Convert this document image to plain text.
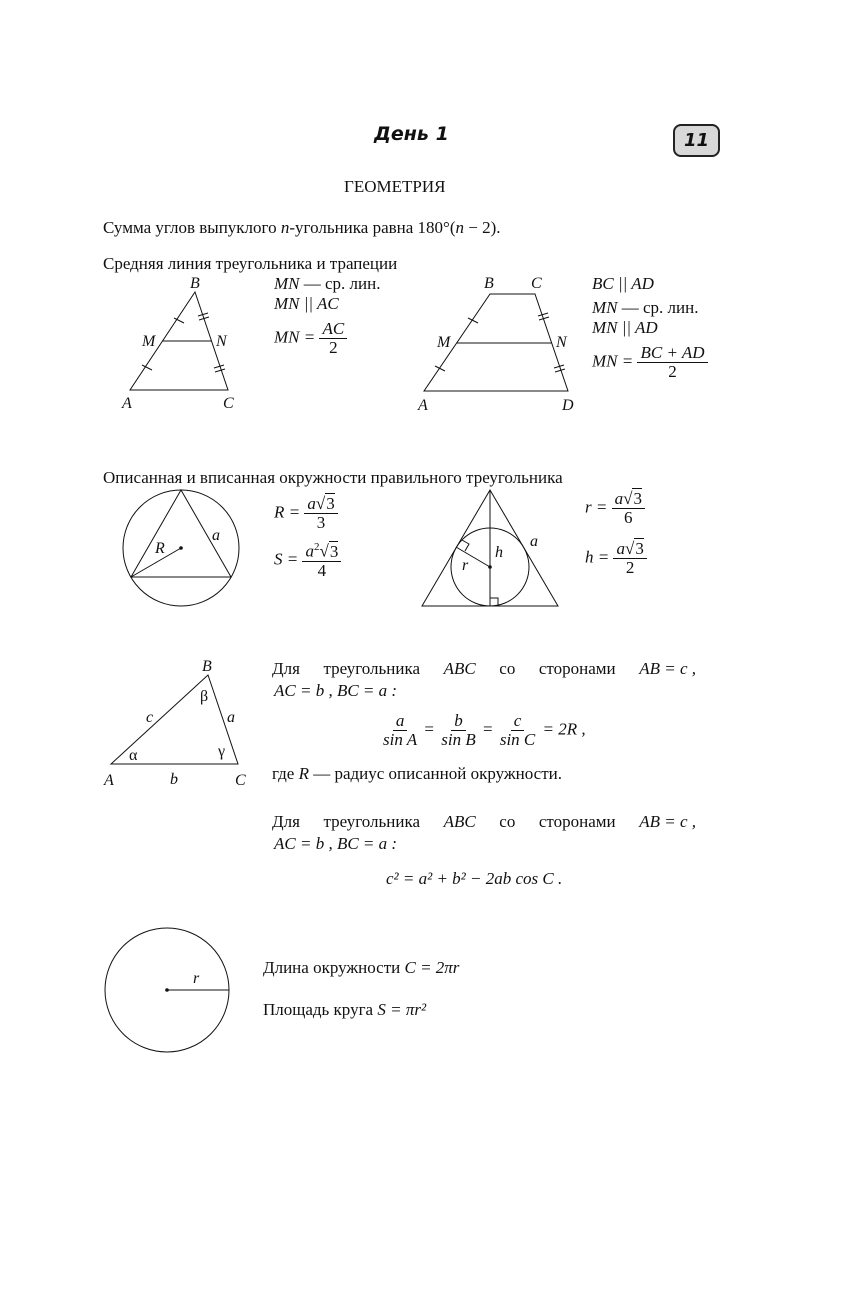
День 1	11
ГЕОМЕТРИЯ
Сумма углов выпуклого n-угольника равна 180°(n − 2).
Средняя линия треугольника и трапеции
B
M	N
A	C
MN — ср. лин.
MN || AC
MN = $\frac{AC}{2}$
B C
M	N
A	D
BC || AD
MN — ср. лин.
MN || AD
MN = $\frac{BC + AD}{2}$
Описанная и вписанная окружности правильного треугольника
R
a
$R = \frac{a√3}{3}$
$S = \frac{a^2√3}{4}$	h
r
a
$r = \frac{a√3}{6}$
$h = \frac{a√3}{2}$
B
A	C
c	a
b
α
β
γ
Для треугольника ABC со сторонами AB = c ,
AC = b , BC = a :
$\frac{a}{\text{sin A}} = \frac{b}{\text{sin B}} = \frac{c}{\text{sin C}} = 2R$ ,
где R — радиус описанной окружности.
Для треугольника ABC со сторонами AB = c ,
AC = b , BC = a :
c² = a² + b² − 2ab cos C .
r
Длина окружности C = 2πr
Площадь круга S = πr²
